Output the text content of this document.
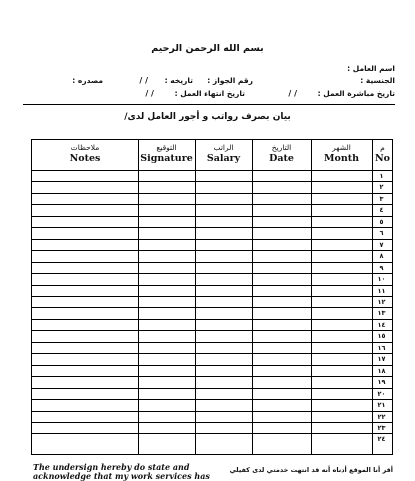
بسم الله الرحمن الرحيم
اسم العامل :
الجنسية :
رقم الجواز :
تاريخه : / /
مصدره :
تاريخ مباشرة العمل : / /
تاريخ انتهاء العمل : / /
بيان بصرف رواتب و أجور العامل لدى/
ملاحظات
Notes
التوقيع
Signature
الراتب
Salary
التاريخ
Date
الشهر
Month
م
No
١
٢
٣
٤
٥
٦
٧
٨
٩
١٠
١١
١٢
١٣
١٤
١٥
١٦
١٧
١٨
١٩
٢٠
٢١
٢٢
٢٣
٢٤
The undersign hereby do state and acknowledge that my work services has
أقر أنا الموقع أدناه أنه قد انتهت خدمتي لدى كفيلي
